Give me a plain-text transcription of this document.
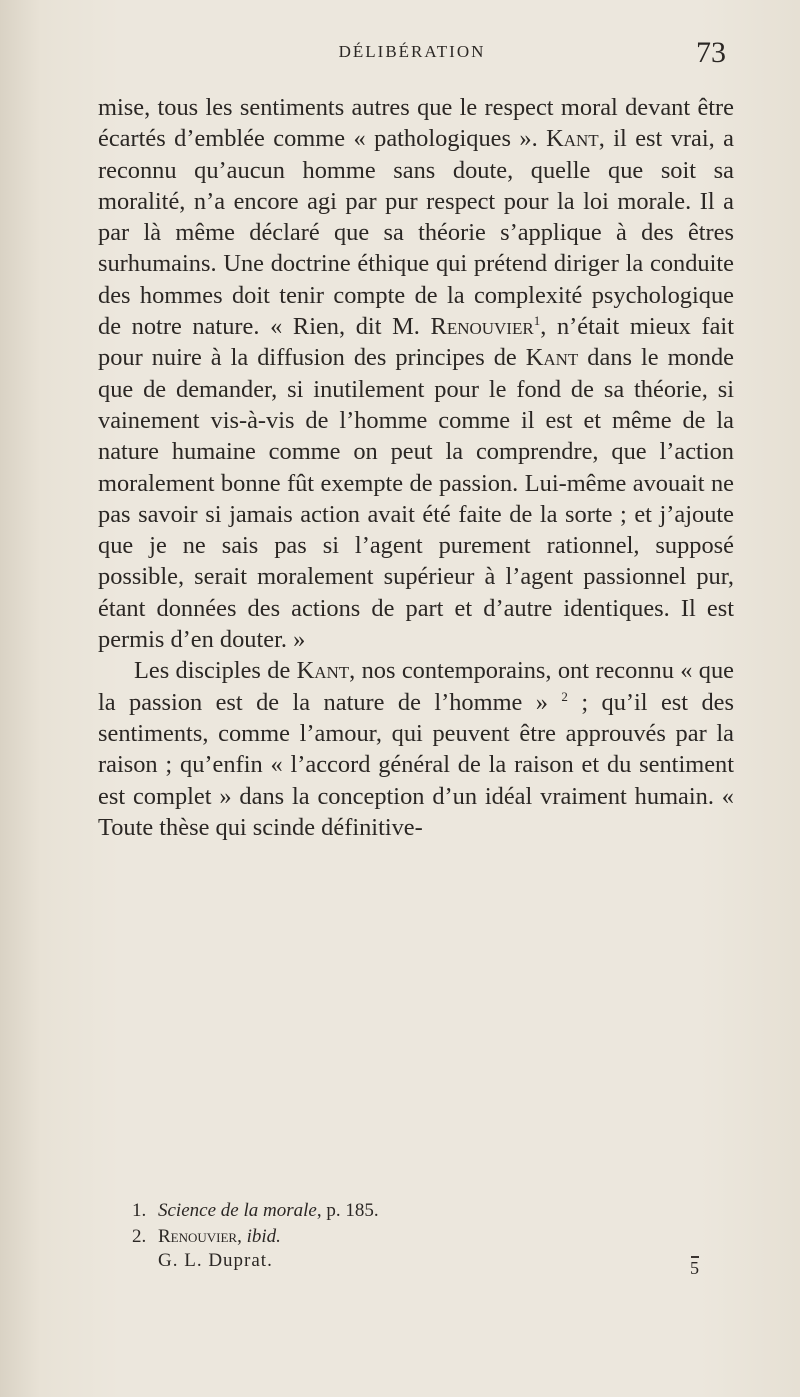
DÉLIBÉRATION	73

mise, tous les sentiments autres que le respect moral devant être écartés d’emblée comme « pathologiques ». Kant, il est vrai, a reconnu qu’aucun homme sans doute, quelle que soit sa moralité, n’a encore agi par pur respect pour la loi morale. Il a par là même déclaré que sa théorie s’applique à des êtres surhumains. Une doctrine éthique qui prétend diriger la conduite des hommes doit tenir compte de la complexité psychologique de notre nature. « Rien, dit M. Renouvier$^1$, n’était mieux fait pour nuire à la diffusion des principes de Kant dans le monde que de demander, si inutilement pour le fond de sa théorie, si vainement vis-à-vis de l’homme comme il est et même de la nature humaine comme on peut la comprendre, que l’action moralement bonne fût exempte de passion. Lui-même avouait ne pas savoir si jamais action avait été faite de la sorte ; et j’ajoute que je ne sais pas si l’agent purement rationnel, supposé possible, serait moralement supérieur à l’agent passionnel pur, étant données des actions de part et d’autre identiques. Il est permis d’en douter. »

Les disciples de Kant, nos contemporains, ont reconnu « que la passion est de la nature de l’homme » $^2$ ; qu’il est des sentiments, comme l’amour, qui peuvent être approuvés par la raison ; qu’enfin « l’accord général de la raison et du sentiment est complet » dans la conception d’un idéal vraiment humain. « Toute thèse qui scinde définitive-

1. Science de la morale, p. 185.
2. Renouvier, ibid.
G. L. Duprat.	5
